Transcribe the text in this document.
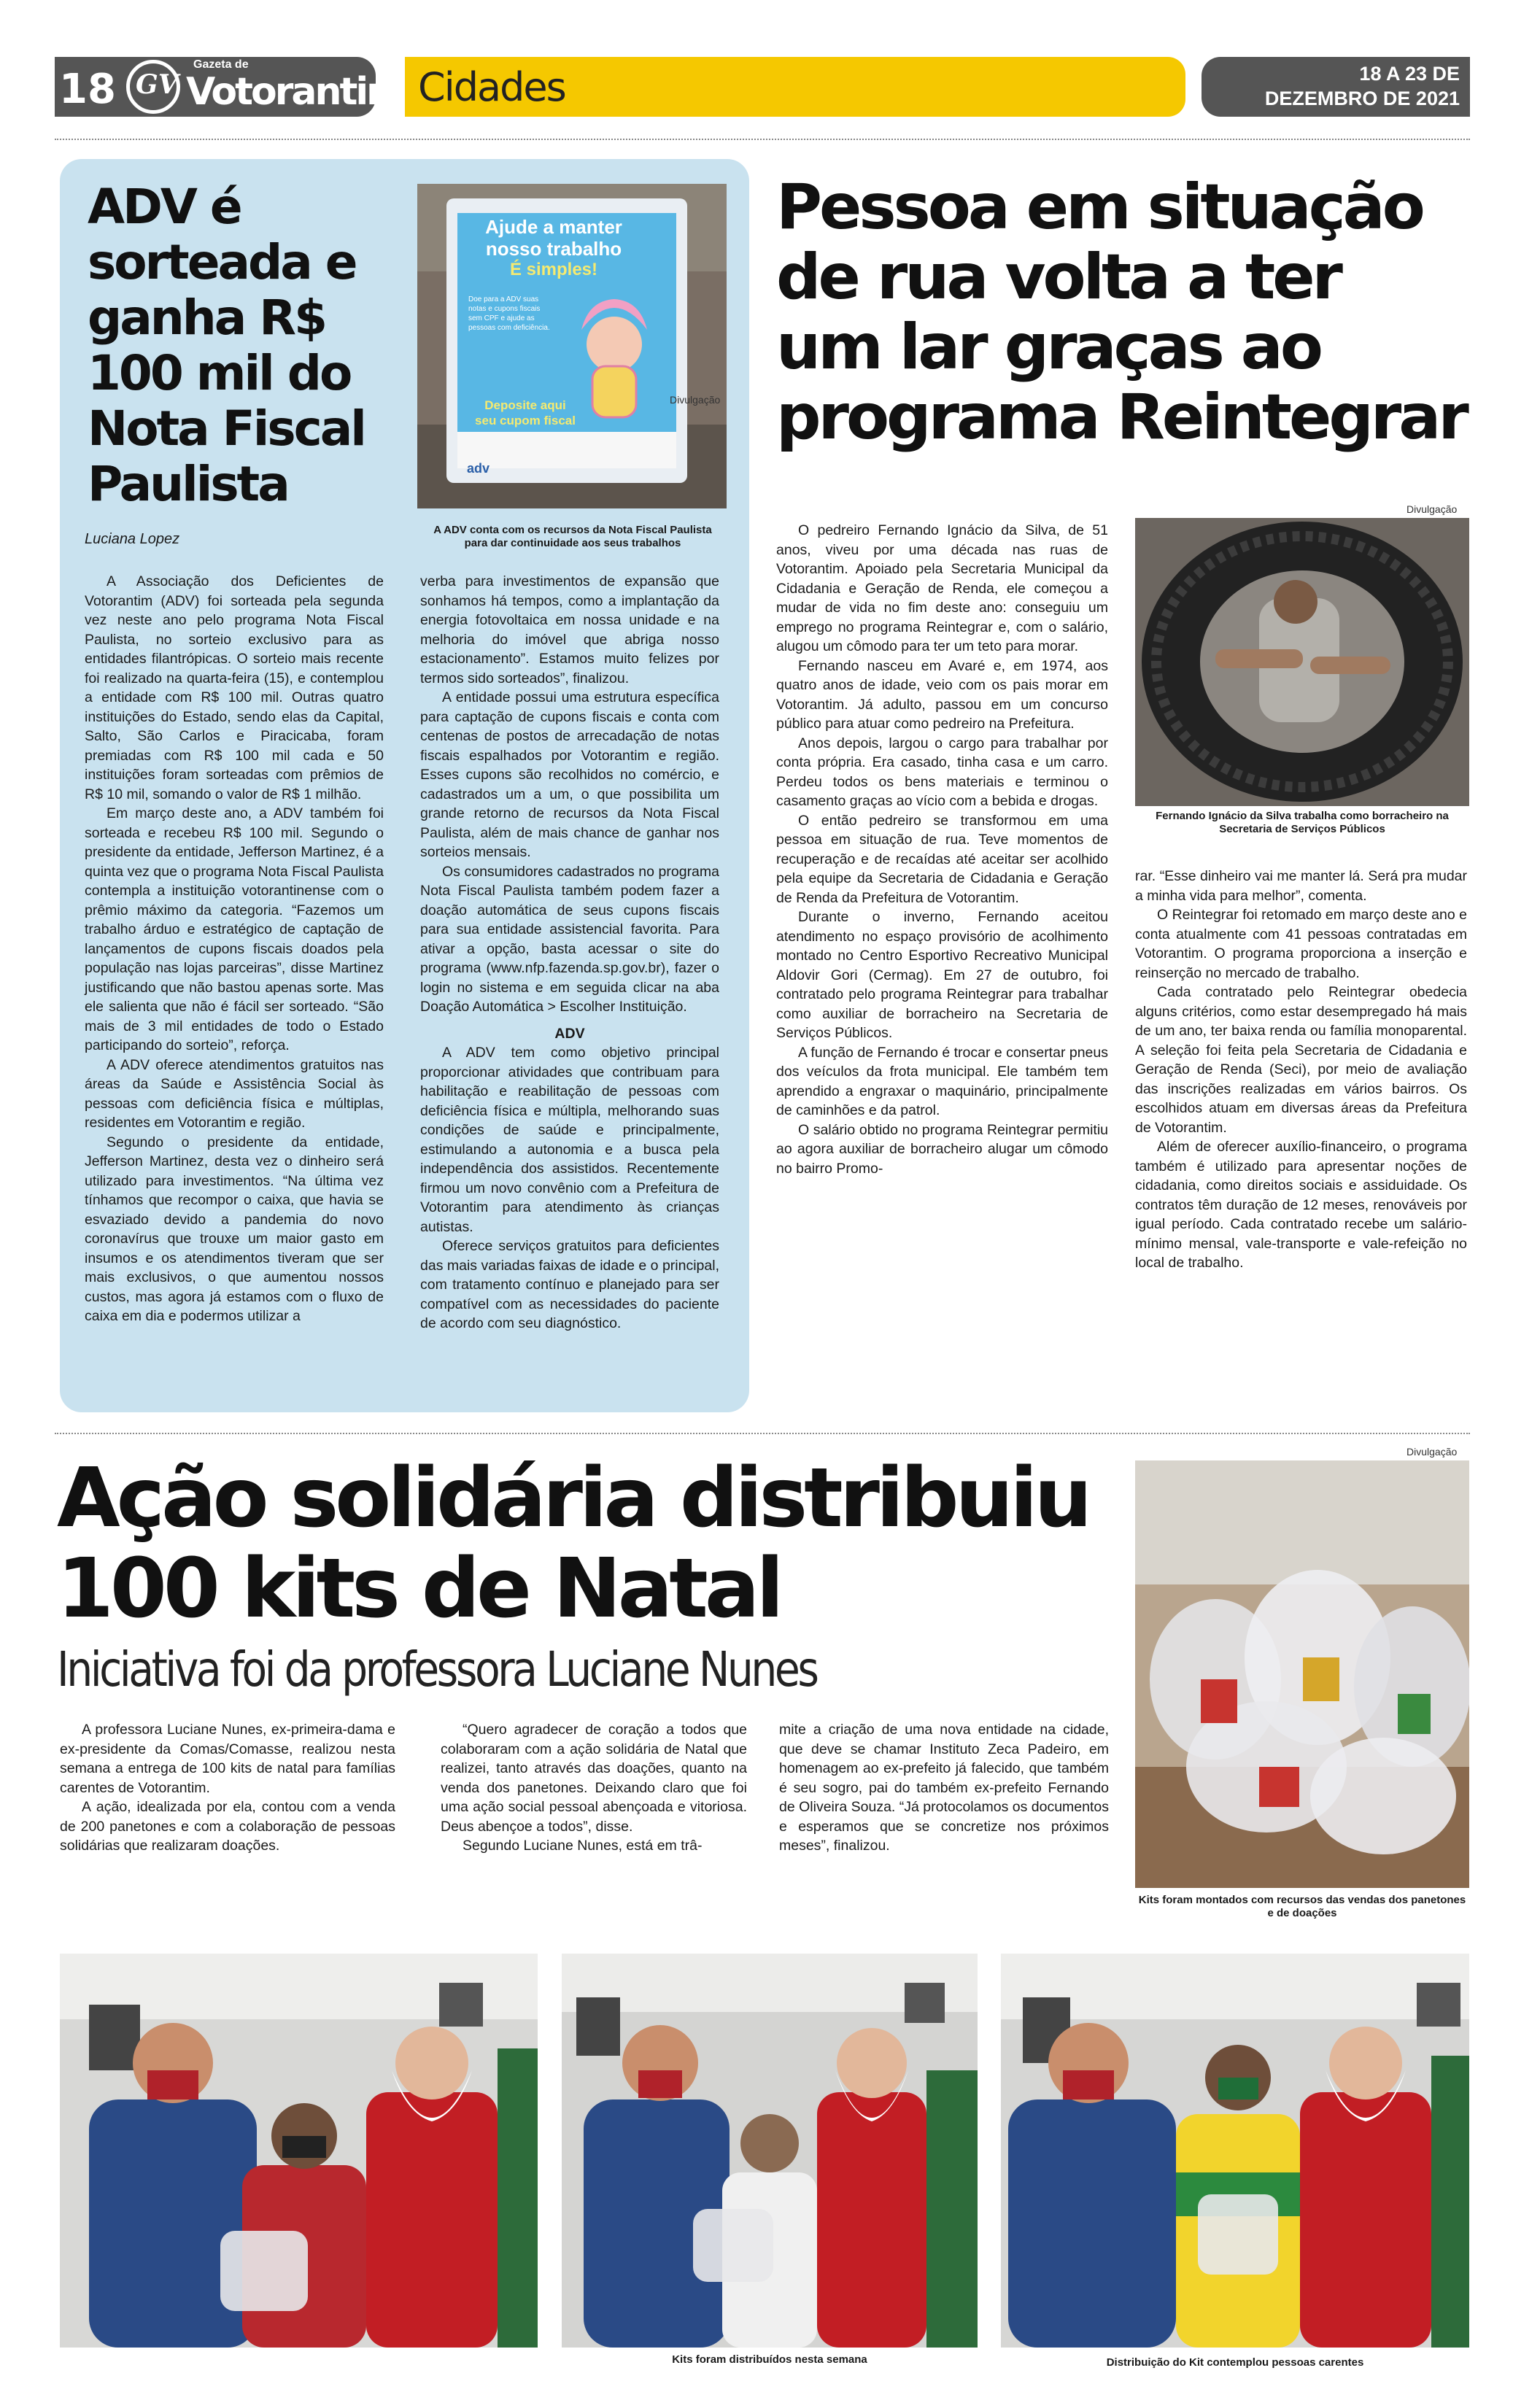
18 GV
Gazeta de
Votorantim Cidades	18 A 23 DE
DEZEMBRO DE 2021
ADV é sorteada e ganha R$ 100 mil do Nota Fiscal Paulista
Luciana Lopez
Ajude a manter
nosso trabalho
É simples!
Doe para a ADV suas notas e cupons fiscais sem CPF e ajude as pessoas com deficiência.
Deposite aqui
seu cupom fiscal
adv
Divulgação
A ADV conta com os recursos da Nota Fiscal Paulista para dar continuidade aos seus trabalhos

A Associação dos Deficientes de Votorantim (ADV) foi sorteada pela segunda vez neste ano pelo programa Nota Fiscal Paulista, no sorteio exclusivo para as entidades filantrópicas. O sorteio mais recente foi realizado na quarta-feira (15), e contemplou a entidade com R$ 100 mil. Outras quatro instituições do Estado, sendo elas da Capital, Salto, São Carlos e Piracicaba, foram premiadas com R$ 100 mil cada e 50 instituições foram sorteadas com prêmios de R$ 10 mil, somando o valor de R$ 1 milhão.

Em março deste ano, a ADV também foi sorteada e recebeu R$ 100 mil. Segundo o presidente da entidade, Jefferson Martinez, é a quinta vez que o programa Nota Fiscal Paulista contempla a instituição votorantinense com o prêmio máximo da categoria. “Fazemos um trabalho árduo e estratégico de captação de lançamentos de cupons fiscais doados pela população nas lojas parceiras”, disse Martinez justificando que não bastou apenas sorte. Mas ele salienta que não é fácil ser sorteado. “São mais de 3 mil entidades de todo o Estado participando do sorteio”, reforça.

A ADV oferece atendimentos gratuitos nas áreas da Saúde e Assistência Social às pessoas com deficiência física e múltiplas, residentes em Votorantim e região.

Segundo o presidente da entidade, Jefferson Martinez, desta vez o dinheiro será utilizado para investimentos. “Na última vez tínhamos que recompor o caixa, que havia se esvaziado devido a pandemia do novo coronavírus que trouxe um maior gasto em insumos e os atendimentos tiveram que ser mais exclusivos, o que aumentou nossos custos, mas agora já estamos com o fluxo de caixa em dia e podermos utilizar a

verba para investimentos de expansão que sonhamos há tempos, como a implantação da energia fotovoltaica em nossa unidade e na melhoria do imóvel que abriga nosso estacionamento”. Estamos muito felizes por termos sido sorteados”, finalizou.

A entidade possui uma estrutura específica para captação de cupons fiscais e conta com centenas de postos de arrecadação de notas fiscais espalhados por Votorantim e região. Esses cupons são recolhidos no comércio, e cadastrados um a um, o que possibilita um grande retorno de recursos da Nota Fiscal Paulista, além de mais chance de ganhar nos sorteios mensais.

Os consumidores cadastrados no programa Nota Fiscal Paulista também podem fazer a doação automática de seus cupons fiscais para sua entidade assistencial favorita. Para ativar a opção, basta acessar o site do programa (www.nfp.fazenda.sp.gov.br), fazer o login no sistema e em seguida clicar na aba Doação Automática > Escolher Instituição.

ADV

A ADV tem como objetivo principal proporcionar atividades que contribuam para habilitação e reabilitação de pessoas com deficiência física e múltipla, melhorando suas condições de saúde e principalmente, estimulando a autonomia e a busca pela independência dos assistidos. Recentemente firmou um novo convênio com a Prefeitura de Votorantim para atendimento às crianças autistas.

Oferece serviços gratuitos para deficientes das mais variadas faixas de idade e o principal, com tratamento contínuo e planejado para ser compatível com as necessidades do paciente de acordo com seu diagnóstico.

Pessoa em situação
de rua volta a ter
um lar graças ao
programa Reintegrar
Divulgação
Fernando Ignácio da Silva trabalha como borracheiro na Secretaria de Serviços Públicos

O pedreiro Fernando Ignácio da Silva, de 51 anos, viveu por uma década nas ruas de Votorantim. Apoiado pela Secretaria Municipal da Cidadania e Geração de Renda, ele começou a mudar de vida no fim deste ano: conseguiu um emprego no programa Reintegrar e, com o salário, alugou um cômodo para ter um teto para morar.

Fernando nasceu em Avaré e, em 1974, aos quatro anos de idade, veio com os pais morar em Votorantim. Já adulto, passou em um concurso público para atuar como pedreiro na Prefeitura.

Anos depois, largou o cargo para trabalhar por conta própria. Era casado, tinha casa e um carro. Perdeu todos os bens materiais e terminou o casamento graças ao vício com a bebida e drogas.

O então pedreiro se transformou em uma pessoa em situação de rua. Teve momentos de recuperação e de recaídas até aceitar ser acolhido pela equipe da Secretaria de Cidadania e Geração de Renda da Prefeitura de Votorantim.

Durante o inverno, Fernando aceitou atendimento no espaço provisório de acolhimento montado no Centro Esportivo Recreativo Municipal Aldovir Gori (Cermag). Em 27 de outubro, foi contratado pelo programa Reintegrar para trabalhar como auxiliar de borracheiro na Secretaria de Serviços Públicos.

A função de Fernando é trocar e consertar pneus dos veículos da frota municipal. Ele também tem aprendido a engraxar o maquinário, principalmente de caminhões e da patrol.

O salário obtido no programa Reintegrar permitiu ao agora auxiliar de borracheiro alugar um cômodo no bairro Promo-

rar. “Esse dinheiro vai me manter lá. Será pra mudar a minha vida para melhor”, comenta.

O Reintegrar foi retomado em março deste ano e conta atualmente com 41 pessoas contratadas em Votorantim. O programa proporciona a inserção e reinserção no mercado de trabalho.

Cada contratado pelo Reintegrar obedecia alguns critérios, como estar desempregado há mais de um ano, ter baixa renda ou família monoparental. A seleção foi feita pela Secretaria de Cidadania e Geração de Renda (Seci), por meio de avaliação das inscrições realizadas em vários bairros. Os escolhidos atuam em diversas áreas da Prefeitura de Votorantim.

Além de oferecer auxílio-financeiro, o programa também é utilizado para apresentar noções de cidadania, como direitos sociais e assiduidade. Os contratos têm duração de 12 meses, renováveis por igual período. Cada contratado recebe um salário-mínimo mensal, vale-transporte e vale-refeição no local de trabalho.

Ação solidária distribuiu
100 kits de Natal
Iniciativa foi da professora Luciane Nunes

A professora Luciane Nunes, ex-primeira-dama e ex-presidente da Comas/Comasse, realizou nesta semana a entrega de 100 kits de natal para famílias carentes de Votorantim.

A ação, idealizada por ela, contou com a venda de 200 panetones e com a colaboração de pessoas solidárias que realizaram doações.

“Quero agradecer de coração a todos que colaboraram com a ação solidária de Natal que realizei, tanto através das doações, quanto na venda dos panetones. Deixando claro que foi uma ação social pessoal abençoada e vitoriosa. Deus abençoe a todos”, disse.

Segundo Luciane Nunes, está em trâ-

mite a criação de uma nova entidade na cidade, que deve se chamar Instituto Zeca Padeiro, em homenagem ao ex-prefeito já falecido, que também é seu sogro, pai do também ex-prefeito Fernando de Oliveira Souza. “Já protocolamos os documentos e esperamos que se concretize nos próximos meses”, finalizou.

Divulgação
Kits foram montados com recursos das vendas dos panetones e de doações
Kits foram distribuídos nesta semana	Distribuição do Kit contemplou pessoas carentes
